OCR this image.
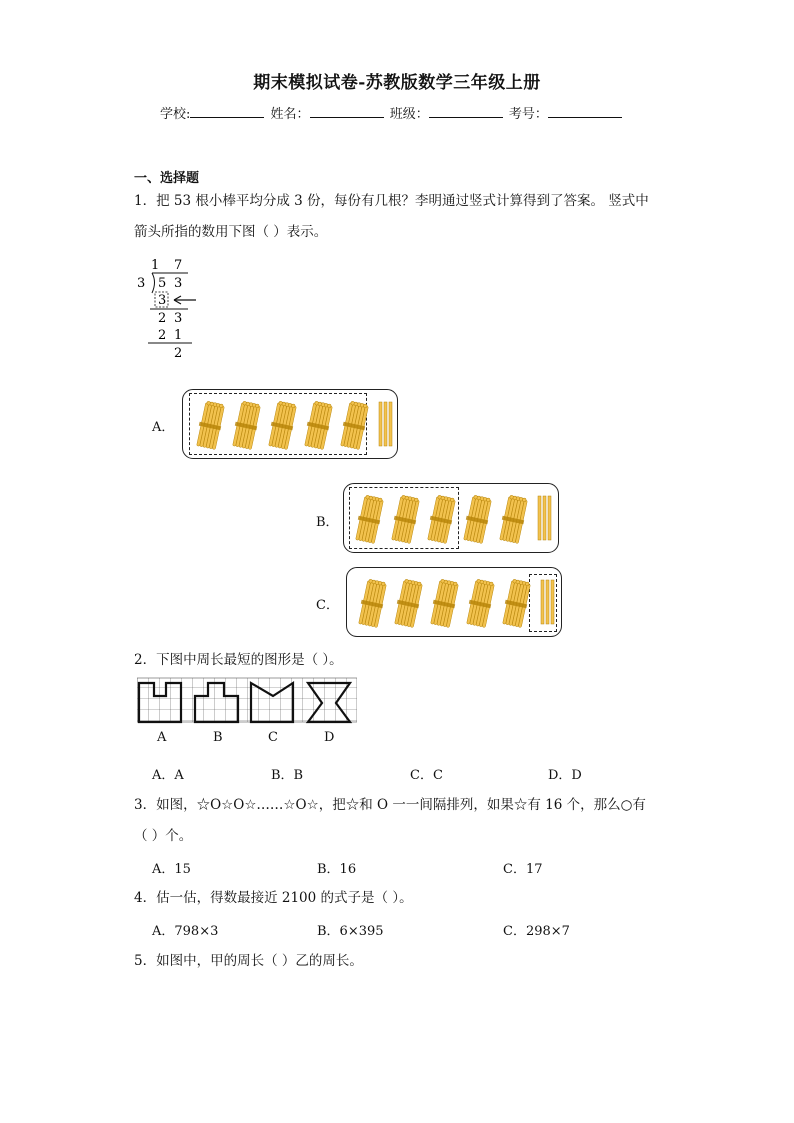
期末模拟试卷-苏教版数学三年级上册
学校:	姓名：	班级：	考号：
一、选择题
1．把 53 根小棒平均分成 3 份，每份有几根？李明通过竖式计算得到了答案。 竖式中
箭头所指的数用下图（ ）表示。
1 7
3 5 3
3
2 3
2 1
2
A．
B．
C．
2．下图中周长最短的图形是（ ）。
A	B	C	D
A．A	B．B	C．C	D．D
3．如图，☆O☆O☆……☆O☆，把☆和 O 一一间隔排列，如果☆有 16 个，那么○有
（ ）个。
A．15	B．16	C．17
4．估一估，得数最接近 2100 的式子是（ ）。
A．798×3	B．6×395	C．298×7
5．如图中，甲的周长（ ）乙的周长。
